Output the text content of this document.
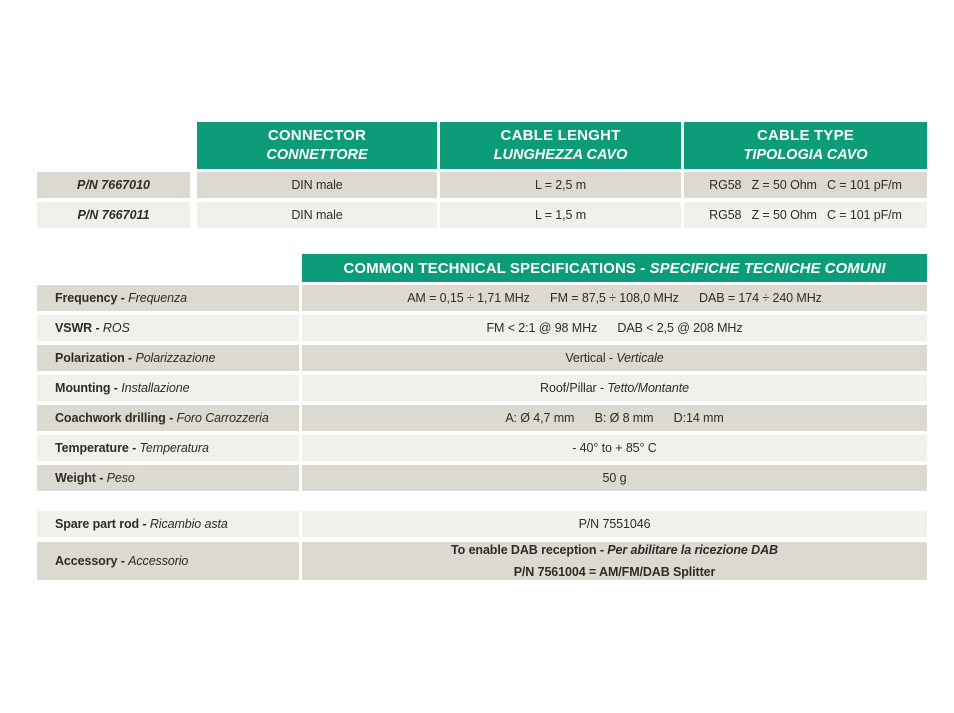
CONNECTOR
CONNETTORE
CABLE LENGHT
LUNGHEZZA CAVO
CABLE TYPE
TIPOLOGIA CAVO
P/N 7667010	DIN male	L = 2,5 m	RG58   Z = 50 Ohm   C = 101 pF/m
P/N 7667011	DIN male	L = 1,5 m	RG58   Z = 50 Ohm   C = 101 pF/m
COMMON TECHNICAL SPECIFICATIONS - SPECIFICHE TECNICHE COMUNI
Frequency - Frequenza	AM = 0,15 ÷ 1,71 MHz      FM = 87,5 ÷ 108,0 MHz      DAB = 174 ÷ 240 MHz
VSWR - ROS	FM < 2:1 @ 98 MHz      DAB < 2,5 @ 208 MHz
Polarization - Polarizzazione	Vertical - Verticale
Mounting - Installazione	Roof/Pillar - Tetto/Montante
Coachwork drilling - Foro Carrozzeria	A: Ø 4,7 mm      B: Ø 8 mm      D:14 mm
Temperature - Temperatura	- 40° to + 85° C
Weight - Peso	50 g
Spare part rod - Ricambio asta	P/N 7551046
Accessory - Accessorio
To enable DAB reception - Per abilitare la ricezione DAB
P/N 7561004 = AM/FM/DAB Splitter
